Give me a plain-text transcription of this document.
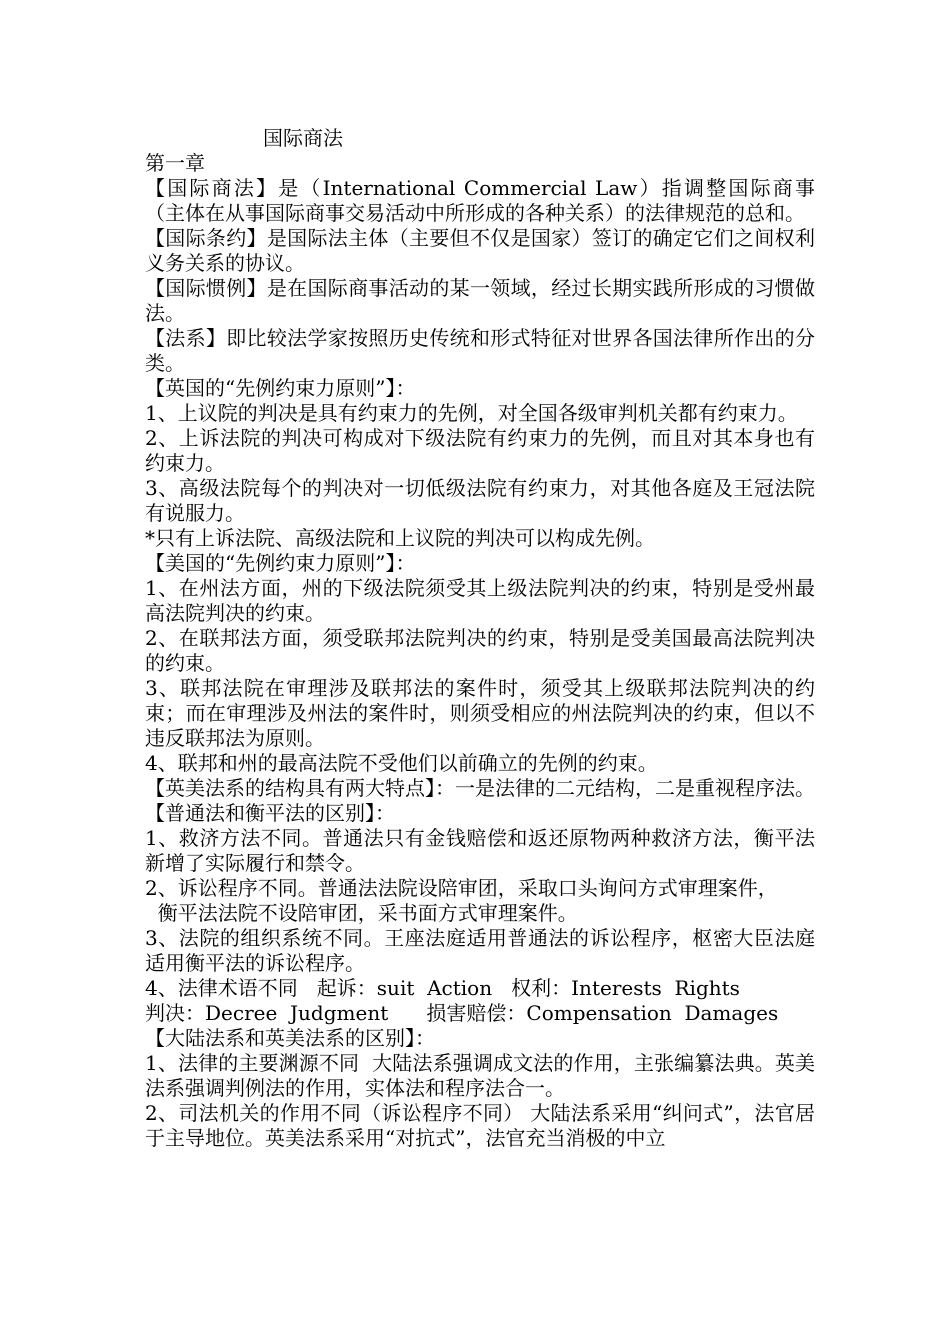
国际商法
第一章

【国际商法】是（International Commercial Law）指调整国际商事（主体在从事国际商事交易活动中所形成的各种关系）的法律规范的总和。

【国际条约】是国际法主体（主要但不仅是国家）签订的确定它们之间权利义务关系的协议。

【国际惯例】是在国际商事活动的某一领域，经过长期实践所形成的习惯做法。

【法系】即比较法学家按照历史传统和形式特征对世界各国法律所作出的分类。

【英国的“先例约束力原则”】：

1、上议院的判决是具有约束力的先例，对全国各级审判机关都有约束力。

2、上诉法院的判决可构成对下级法院有约束力的先例，而且对其本身也有约束力。

3、高级法院每个的判决对一切低级法院有约束力，对其他各庭及王冠法院有说服力。

*只有上诉法院、高级法院和上议院的判决可以构成先例。

【美国的“先例约束力原则”】：

1、在州法方面，州的下级法院须受其上级法院判决的约束，特别是受州最高法院判决的约束。

2、在联邦法方面，须受联邦法院判决的约束，特别是受美国最高法院判决的约束。

3、联邦法院在审理涉及联邦法的案件时，须受其上级联邦法院判决的约束；而在审理涉及州法的案件时，则须受相应的州法院判决的约束，但以不违反联邦法为原则。

4、联邦和州的最高法院不受他们以前确立的先例的约束。

【英美法系的结构具有两大特点】：一是法律的二元结构，二是重视程序法。

【普通法和衡平法的区别】：

1、救济方法不同。普通法只有金钱赔偿和返还原物两种救济方法，衡平法新增了实际履行和禁令。

2、诉讼程序不同。普通法法院设陪审团，采取口头询问方式审理案件，
衡平法法院不设陪审团，采书面方式审理案件。

3、法院的组织系统不同。王座法庭适用普通法的诉讼程序，枢密大臣法庭适用衡平法的诉讼程序。

4、法律术语不同   起诉：suit  Action   权利：Interests  Rights
判决：Decree  Judgment      损害赔偿：Compensation  Damages

【大陆法系和英美法系的区别】：

1、法律的主要渊源不同  大陆法系强调成文法的作用，主张编纂法典。英美法系强调判例法的作用，实体法和程序法合一。

2、司法机关的作用不同（诉讼程序不同） 大陆法系采用“纠问式”，法官居于主导地位。英美法系采用“对抗式”，法官充当消极的中立
